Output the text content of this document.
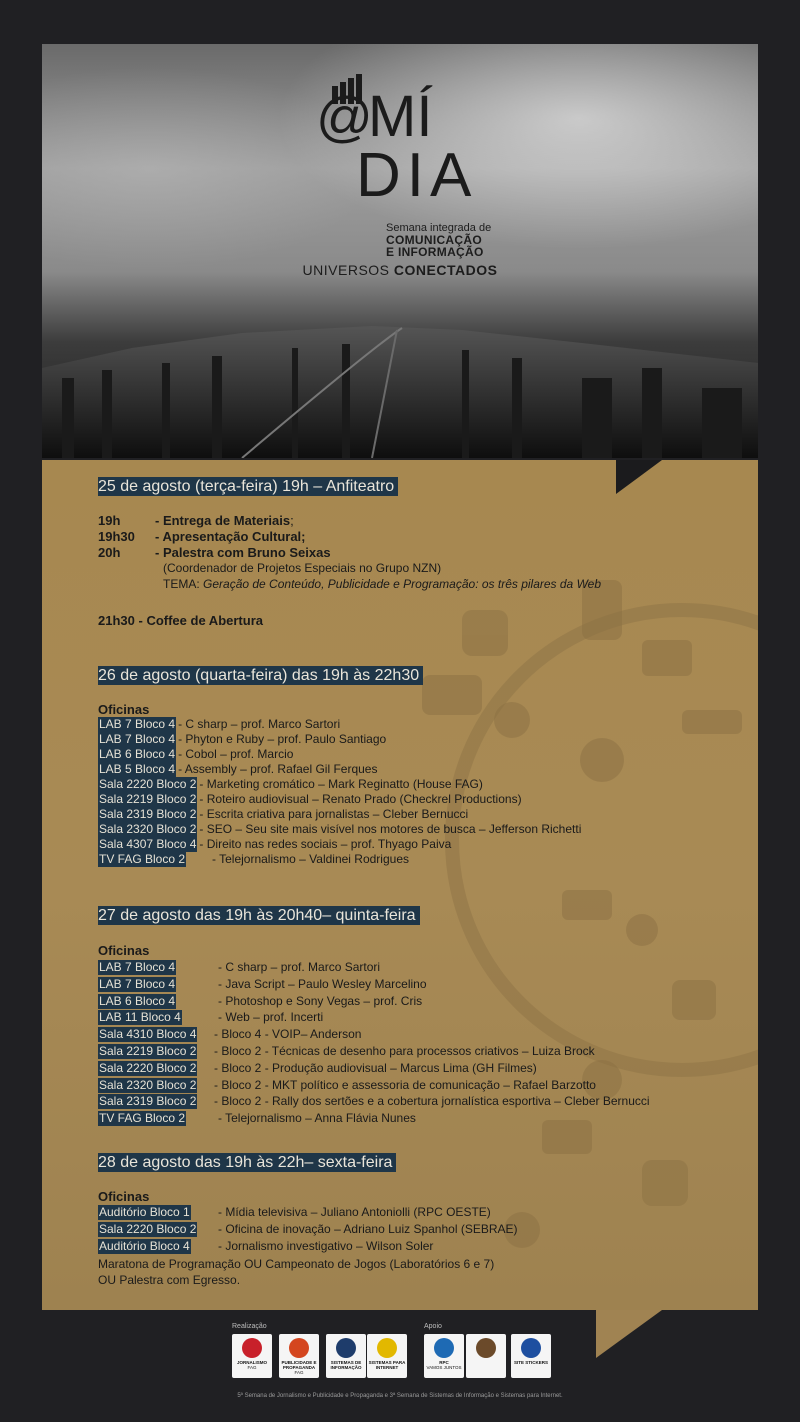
@
MÍ
DIA
Semana integrada de
COMUNICAÇÃO
E INFORMAÇÃO
UNIVERSOS CONECTADOS
25 de agosto (terça-feira) 19h – Anfiteatro
19h	- Entrega de Materiais;
19h30 - Apresentação Cultural;
20h	- Palestra com Bruno Seixas
(Coordenador de Projetos Especiais no Grupo NZN)
TEMA: Geração de Conteúdo, Publicidade e Programação: os três pilares da Web
21h30 - Coffee de Abertura
26 de agosto (quarta-feira) das 19h às 22h30
Oficinas
LAB 7 Bloco 4 - C sharp – prof. Marco Sartori
LAB 7 Bloco 4 - Phyton e Ruby – prof. Paulo Santiago
LAB 6 Bloco 4 - Cobol – prof. Marcio
LAB 5 Bloco 4 - Assembly – prof. Rafael Gil Ferques
Sala 2220 Bloco 2 - Marketing cromático – Mark Reginatto (House FAG)
Sala 2219 Bloco 2 - Roteiro audiovisual – Renato Prado (Checkrel Productions)
Sala 2319 Bloco 2 - Escrita criativa para jornalistas – Cleber Bernucci
Sala 2320 Bloco 2 - SEO – Seu site mais visível nos motores de busca – Jefferson Richetti
Sala 4307 Bloco 4 - Direito nas redes sociais – prof. Thyago Paiva
TV FAG Bloco 2 - Telejornalismo – Valdinei Rodrigues
27 de agosto das 19h às 20h40– quinta-feira
Oficinas
LAB 7 Bloco 4	- C sharp – prof. Marco Sartori
LAB 7 Bloco 4	- Java Script – Paulo Wesley Marcelino
LAB 6 Bloco 4	- Photoshop e Sony Vegas – prof. Cris
LAB 11 Bloco 4	- Web – prof. Incerti
Sala 4310 Bloco 4 - Bloco 4 - VOIP– Anderson
Sala 2219 Bloco 2 - Bloco 2 - Técnicas de desenho para processos criativos – Luiza Brock
Sala 2220 Bloco 2 - Bloco 2 - Produção audiovisual – Marcus Lima (GH Filmes)
Sala 2320 Bloco 2 - Bloco 2 - MKT político e assessoria de comunicação – Rafael Barzotto
Sala 2319 Bloco 2 - Bloco 2 - Rally dos sertões e a cobertura jornalística esportiva – Cleber Bernucci
TV FAG Bloco 2	- Telejornalismo – Anna Flávia Nunes
28 de agosto das 19h às 22h– sexta-feira
Oficinas
Auditório Bloco 1 - Mídia televisiva – Juliano Antoniolli (RPC OESTE)
Sala 2220 Bloco 2 - Oficina de inovação – Adriano Luiz Spanhol (SEBRAE)
Auditório Bloco 4 - Jornalismo investigativo – Wilson Soler
Maratona de Programação OU Campeonato de Jogos (Laboratórios 6 e 7)
OU Palestra com Egresso.
Realização	Apoio
JORNALISMO
FAG
PUBLICIDADE E PROPAGANDA
FAG
SISTEMAS DE INFORMAÇÃO
SISTEMAS PARA INTERNET
RPC
VAMOS JUNTOS
SITE STICKERS
5ª Semana de Jornalismo e Publicidade e Propaganda e 3ª Semana de Sistemas de Informação e Sistemas para Internet.
